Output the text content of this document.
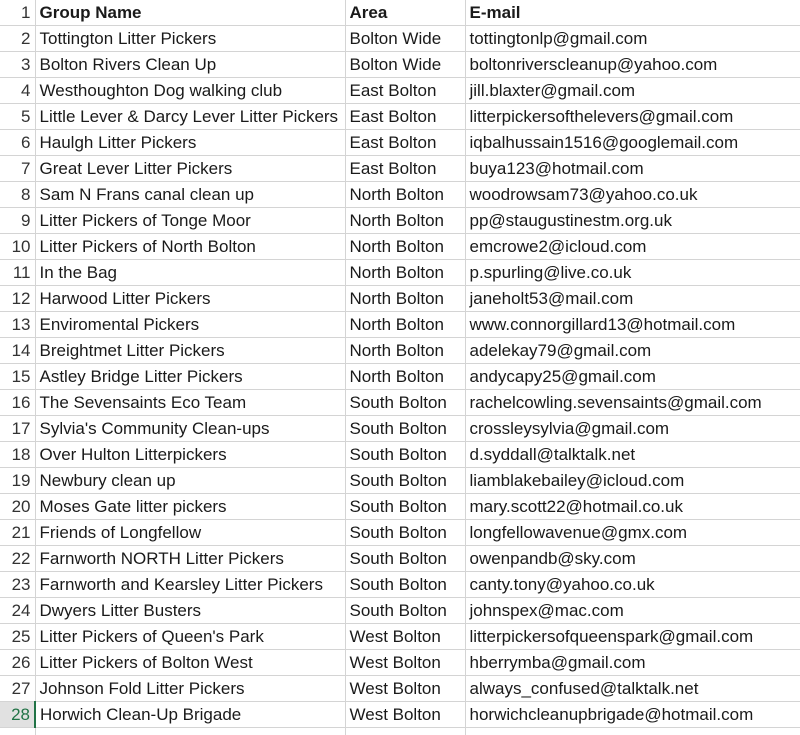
1	Group Name	Area	E-mail
2	Tottington Litter Pickers	Bolton Wide	tottingtonlp@gmail.com
3	Bolton Rivers Clean Up	Bolton Wide	boltonriverscleanup@yahoo.com
4	Westhoughton Dog walking club	East Bolton	jill.blaxter@gmail.com
5	Little Lever & Darcy Lever Litter Pickers	East Bolton	litterpickersofthelevers@gmail.com
6	Haulgh Litter Pickers	East Bolton	iqbalhussain1516@googlemail.com
7	Great Lever Litter Pickers	East Bolton	buya123@hotmail.com
8	Sam N Frans canal clean up	North Bolton	woodrowsam73@yahoo.co.uk
9	Litter Pickers of Tonge Moor	North Bolton	pp@staugustinestm.org.uk
10	Litter Pickers of North Bolton	North Bolton	emcrowe2@icloud.com
11	In the Bag	North Bolton	p.spurling@live.co.uk
12	Harwood Litter Pickers	North Bolton	janeholt53@mail.com
13	Enviromental Pickers	North Bolton	www.connorgillard13@hotmail.com
14	Breightmet Litter Pickers	North Bolton	adelekay79@gmail.com
15	Astley Bridge Litter Pickers	North Bolton	andycapy25@gmail.com
16	The Sevensaints Eco Team	South Bolton	rachelcowling.sevensaints@gmail.com
17	Sylvia's Community Clean-ups	South Bolton	crossleysylvia@gmail.com
18	Over Hulton Litterpickers	South Bolton	d.syddall@talktalk.net
19	Newbury clean up	South Bolton	liamblakebailey@icloud.com
20	Moses Gate litter pickers	South Bolton	mary.scott22@hotmail.co.uk
21	Friends of Longfellow	South Bolton	longfellowavenue@gmx.com
22	Farnworth NORTH Litter Pickers	South Bolton	owenpandb@sky.com
23	Farnworth and Kearsley Litter Pickers	South Bolton	canty.tony@yahoo.co.uk
24	Dwyers Litter Busters	South Bolton	johnspex@mac.com
25	Litter Pickers of Queen's Park	West Bolton	litterpickersofqueenspark@gmail.com
26	Litter Pickers of Bolton West	West Bolton	hberrymba@gmail.com
27	Johnson Fold Litter Pickers	West Bolton	always_confused@talktalk.net
28	Horwich Clean-Up Brigade	West Bolton	horwichcleanupbrigade@hotmail.com
